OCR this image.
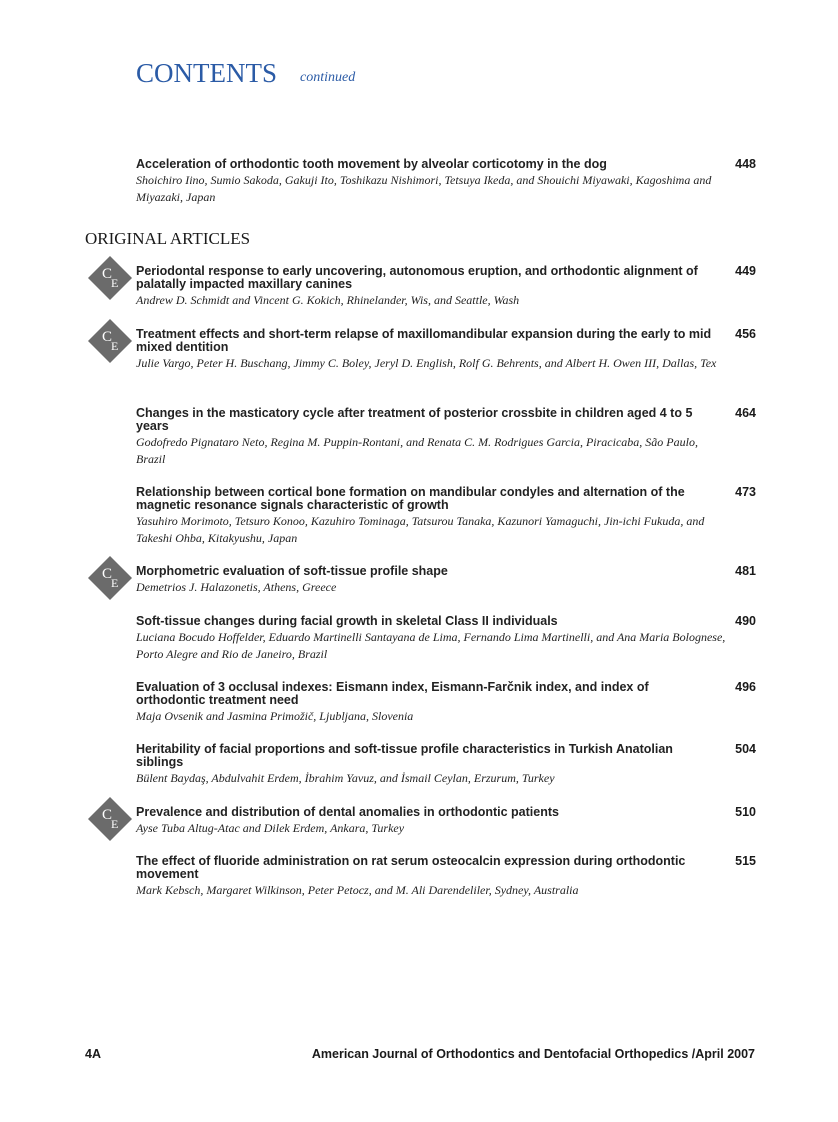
CONTENTS continued
ORIGINAL ARTICLES
Acceleration of orthodontic tooth movement by alveolar corticotomy in the dog
Shoichiro Iino, Sumio Sakoda, Gakuji Ito, Toshikazu Nishimori, Tetsuya Ikeda, and Shouichi Miyawaki, Kagoshima and Miyazaki, Japan
448
C
E
Periodontal response to early uncovering, autonomous eruption, and orthodontic alignment of palatally impacted maxillary canines
Andrew D. Schmidt and Vincent G. Kokich, Rhinelander, Wis, and Seattle, Wash
449
C
E
Treatment effects and short-term relapse of maxillomandibular expansion during the early to mid mixed dentition
Julie Vargo, Peter H. Buschang, Jimmy C. Boley, Jeryl D. English, Rolf G. Behrents, and Albert H. Owen III, Dallas, Tex
456
Changes in the masticatory cycle after treatment of posterior crossbite in children aged 4 to 5 years
Godofredo Pignataro Neto, Regina M. Puppin-Rontani, and Renata C. M. Rodrigues Garcia, Piracicaba, São Paulo, Brazil
464
Relationship between cortical bone formation on mandibular condyles and alternation of the magnetic resonance signals characteristic of growth
Yasuhiro Morimoto, Tetsuro Konoo, Kazuhiro Tominaga, Tatsurou Tanaka, Kazunori Yamaguchi, Jin-ichi Fukuda, and Takeshi Ohba, Kitakyushu, Japan
473
C
E
Morphometric evaluation of soft-tissue profile shape
Demetrios J. Halazonetis, Athens, Greece
481
Soft-tissue changes during facial growth in skeletal Class II individuals
Luciana Bocudo Hoffelder, Eduardo Martinelli Santayana de Lima, Fernando Lima Martinelli, and Ana Maria Bolognese, Porto Alegre and Rio de Janeiro, Brazil
490
Evaluation of 3 occlusal indexes: Eismann index, Eismann-Farčnik index, and index of orthodontic treatment need
Maja Ovsenik and Jasmina Primožič, Ljubljana, Slovenia
496
Heritability of facial proportions and soft-tissue profile characteristics in Turkish Anatolian siblings
Bülent Baydaş, Abdulvahit Erdem, İbrahim Yavuz, and İsmail Ceylan, Erzurum, Turkey
504
C
E
Prevalence and distribution of dental anomalies in orthodontic patients
Ayse Tuba Altug-Atac and Dilek Erdem, Ankara, Turkey
510
The effect of fluoride administration on rat serum osteocalcin expression during orthodontic movement
Mark Kebsch, Margaret Wilkinson, Peter Petocz, and M. Ali Darendeliler, Sydney, Australia
515
4A	American Journal of Orthodontics and Dentofacial Orthopedics /April 2007
